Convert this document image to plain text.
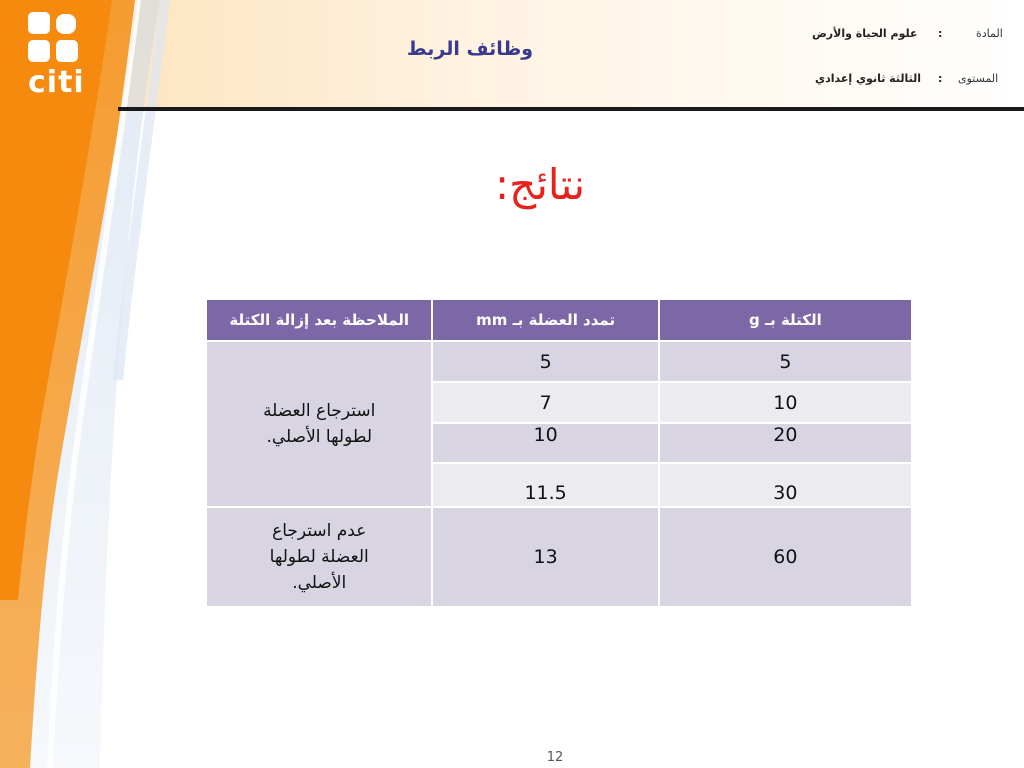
citi
وظائف الربط
المادة
:
علوم الحياة والأرض
المستوى
:
الثالثة ثانوي إعدادي
نتائج:
الكتلة بـ g	تمدد العضلة بـ mm	الملاحظة بعد إزالة الكتلة
5	5	استرجاع العضلة
لطولها الأصلي.

10	7	
20	10	
30	11.5	
60	13	عدم استرجاع
العضلة لطولها
الأصلي.
12
